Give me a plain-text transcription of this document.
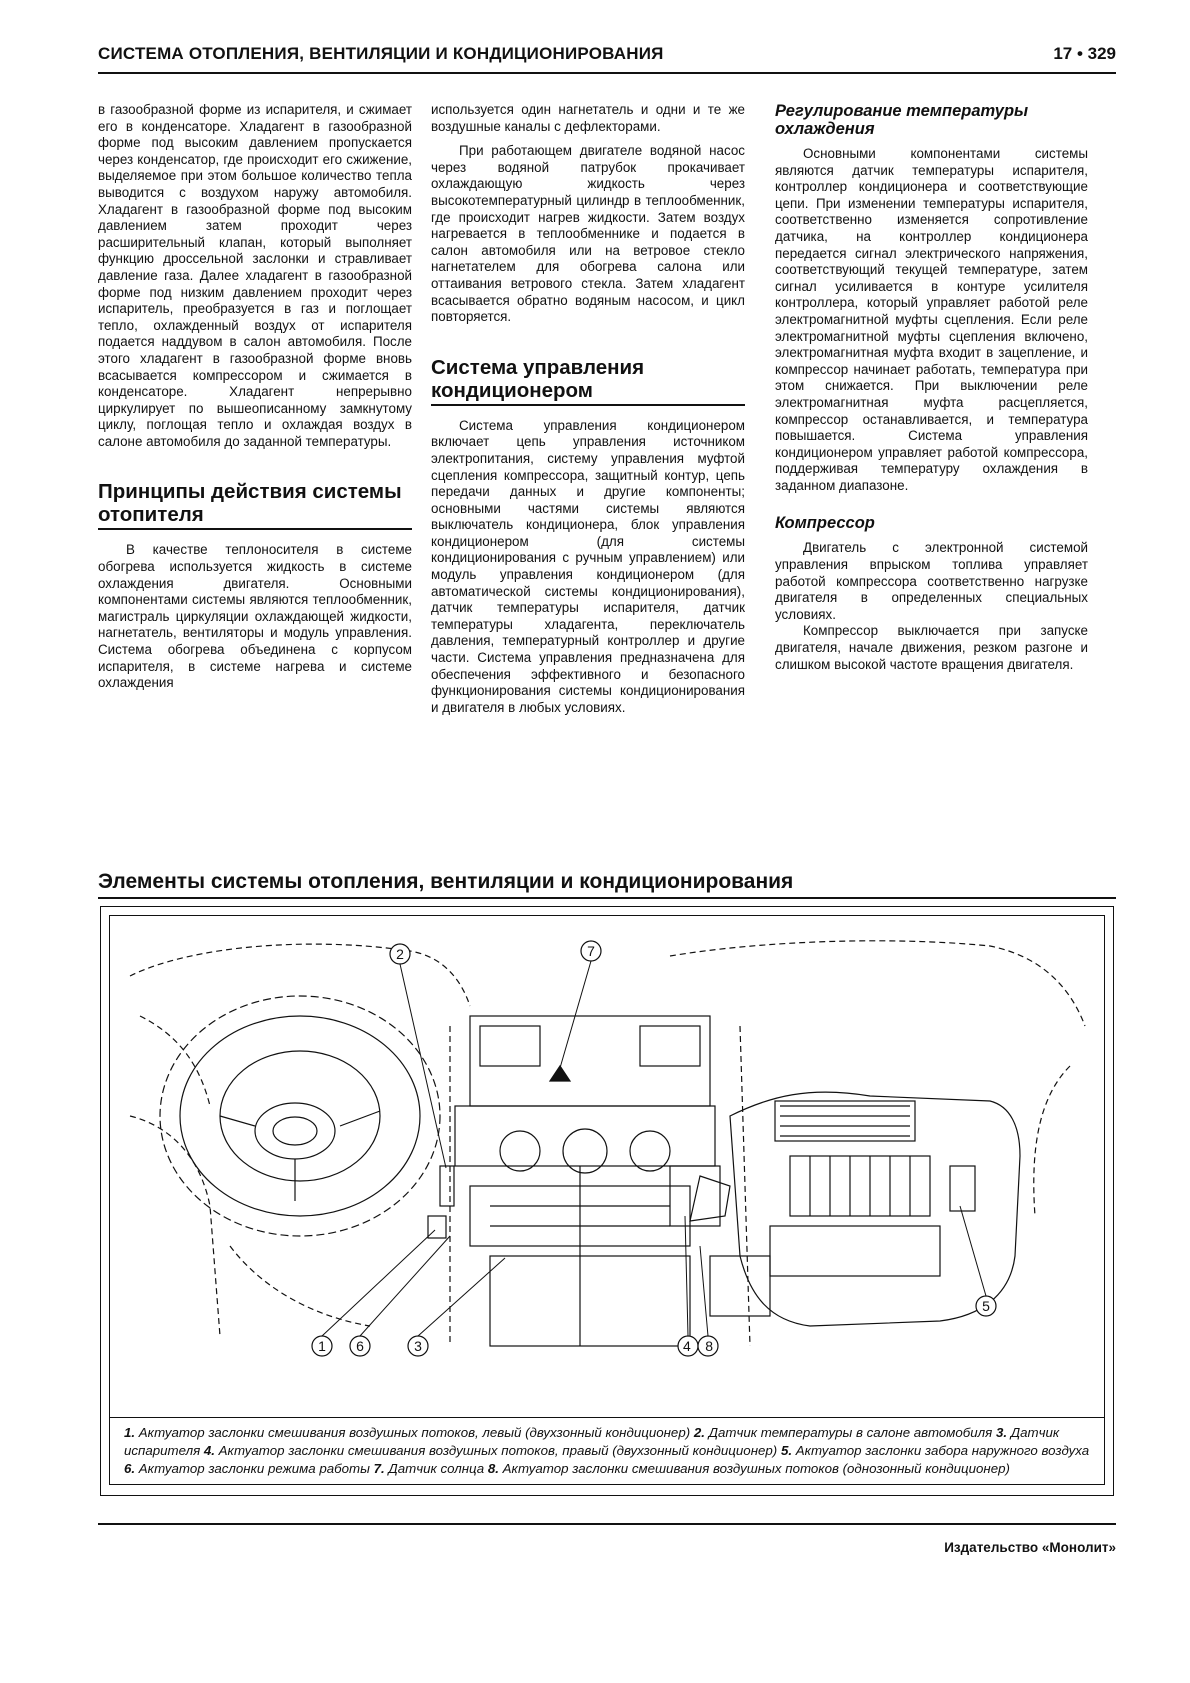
СИСТЕМА ОТОПЛЕНИЯ, ВЕНТИЛЯЦИИ И КОНДИЦИОНИРОВАНИЯ	17 • 329

в газообразной форме из испарителя, и сжимает его в конденсаторе. Хладагент в газообразной форме под высоким давлением пропускается через конденсатор, где происходит его сжижение, выделяемое при этом большое количество тепла выводится с воздухом наружу автомобиля. Хладагент в газообразной форме под высоким давлением затем проходит через расширительный клапан, который выполняет функцию дроссельной заслонки и стравливает давление газа. Далее хладагент в газообразной форме под низким давлением проходит через испаритель, преобразуется в газ и поглощает тепло, охлажденный воздух от испарителя подается наддувом в салон автомобиля. После этого хладагент в газообразной форме вновь всасывается компрессором и сжимается в конденсаторе. Хладагент непрерывно циркулирует по вышеописанному замкнутому циклу, поглощая тепло и охлаждая воздух в салоне автомобиля до заданной температуры.

Принципы действия системы отопителя

В качестве теплоносителя в системе обогрева используется жидкость в системе охлаждения двигателя. Основными компонентами системы являются теплообменник, магистраль циркуляции охлаждающей жидкости, нагнетатель, вентиляторы и модуль управления. Система обогрева объединена с корпусом испарителя, в системе нагрева и системе охлаждения

используется один нагнетатель и одни и те же воздушные каналы с дефлекторами.

При работающем двигателе водяной насос через водяной патрубок прокачивает охлаждающую жидкость через высокотемпературный цилиндр в теплообменник, где происходит нагрев жидкости. Затем воздух нагревается в теплообменнике и подается в салон автомобиля или на ветровое стекло нагнетателем для обогрева салона или оттаивания ветрового стекла. Затем хладагент всасывается обратно водяным насосом, и цикл повторяется.

Система управления кондиционером

Система управления кондиционером включает цепь управления источником электропитания, систему управления муфтой сцепления компрессора, защитный контур, цепь передачи данных и другие компоненты; основными частями системы являются выключатель кондиционера, блок управления кондиционером (для системы кондиционирования с ручным управлением) или модуль управления кондиционером (для автоматической системы кондиционирования), датчик температуры испарителя, датчик температуры хладагента, переключатель давления, температурный контроллер и другие части. Система управления предназначена для обеспечения эффективного и безопасного функционирования системы кондиционирования и двигателя в любых условиях.

Регулирование температуры охлаждения

Основными компонентами системы являются датчик температуры испарителя, контроллер кондиционера и соответствующие цепи. При изменении температуры испарителя, соответственно изменяется сопротивление датчика, на контроллер кондиционера передается сигнал электрического напряжения, соответствующий текущей температуре, затем сигнал усиливается в контуре усилителя контроллера, который управляет работой реле электромагнитной муфты сцепления. Если реле электромагнитной муфты сцепления включено, электромагнитная муфта входит в зацепление, и компрессор начинает работать, температура при этом снижается. При выключении реле электромагнитная муфта расцепляется, компрессор останавливается, и температура повышается. Система управления кондиционером управляет работой компрессора, поддерживая температуру охлаждения в заданном диапазоне.

Компрессор

Двигатель с электронной системой управления впрыском топлива управляет работой компрессора соответственно нагрузке двигателя в определенных специальных условиях.

Компрессор выключается при запуске двигателя, начале движения, резком разгоне и слишком высокой частоте вращения двигателя.

Элементы системы отопления, вентиляции и кондиционирования
2	7
1 6	3	4 8
5
1. Актуатор заслонки смешивания воздушных потоков, левый (двухзонный кондиционер) 2. Датчик температуры в салоне автомобиля 3. Датчик испарителя 4. Актуатор заслонки смешивания воздушных потоков, правый (двухзонный кондиционер) 5. Актуатор заслонки забора наружного воздуха 6. Актуатор заслонки режима работы 7. Датчик солнца 8. Актуатор заслонки смешивания воздушных потоков (однозонный кондиционер)
Издательство «Монолит»
